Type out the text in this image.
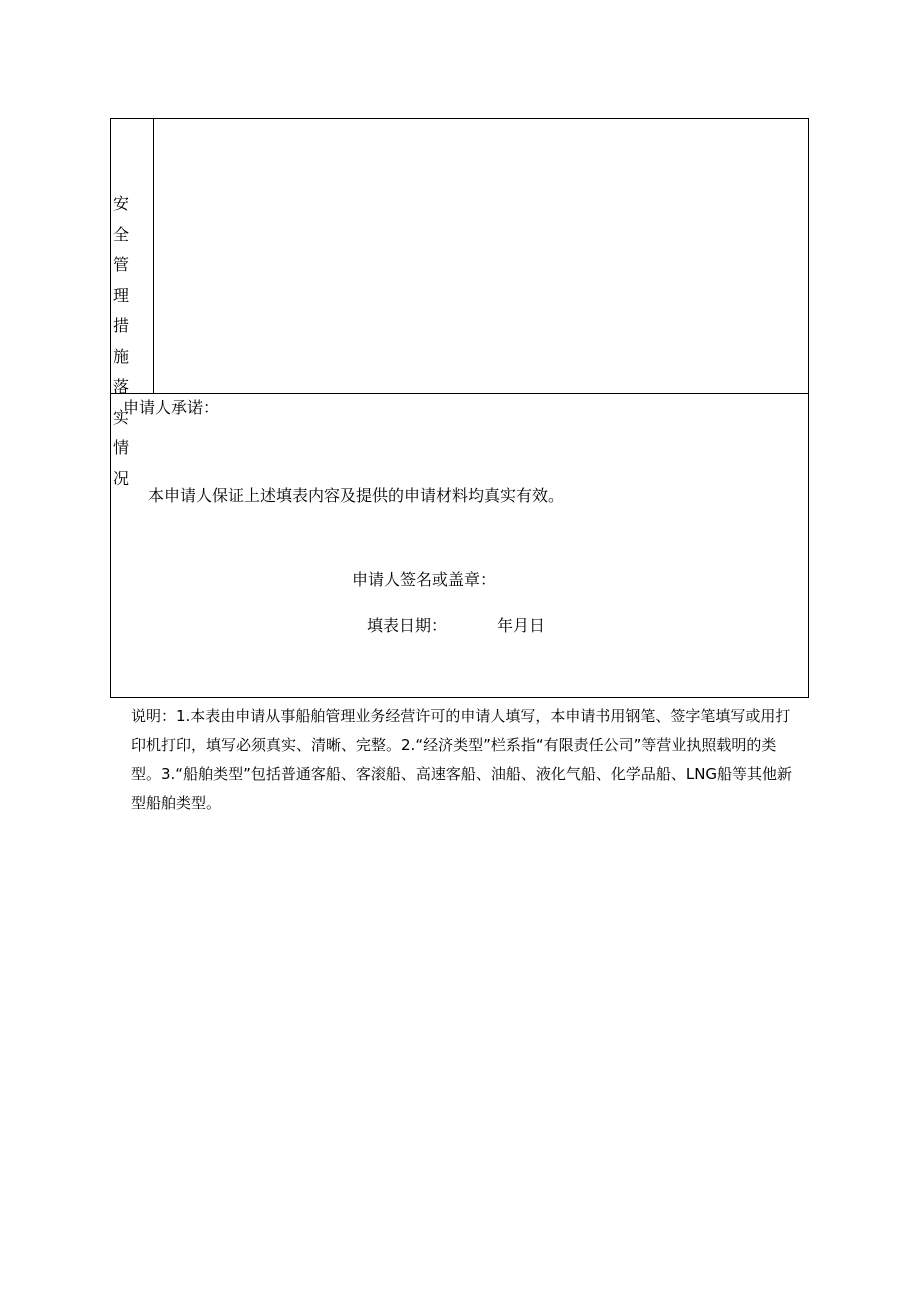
安全管理措施落实情况
申请人承诺：
本申请人保证上述填表内容及提供的申请材料均真实有效。
申请人签名或盖章：
填表日期：	年月日
说明：1.本表由申请从事船舶管理业务经营许可的申请人填写，本申请书用钢笔、签字笔填写或用打印机打印，填写必须真实、清晰、完整。2.“经济类型”栏系指“有限责任公司”等营业执照载明的类型。3.“船舶类型”包括普通客船、客滚船、高速客船、油船、液化气船、化学品船、LNG船等其他新型船舶类型。
